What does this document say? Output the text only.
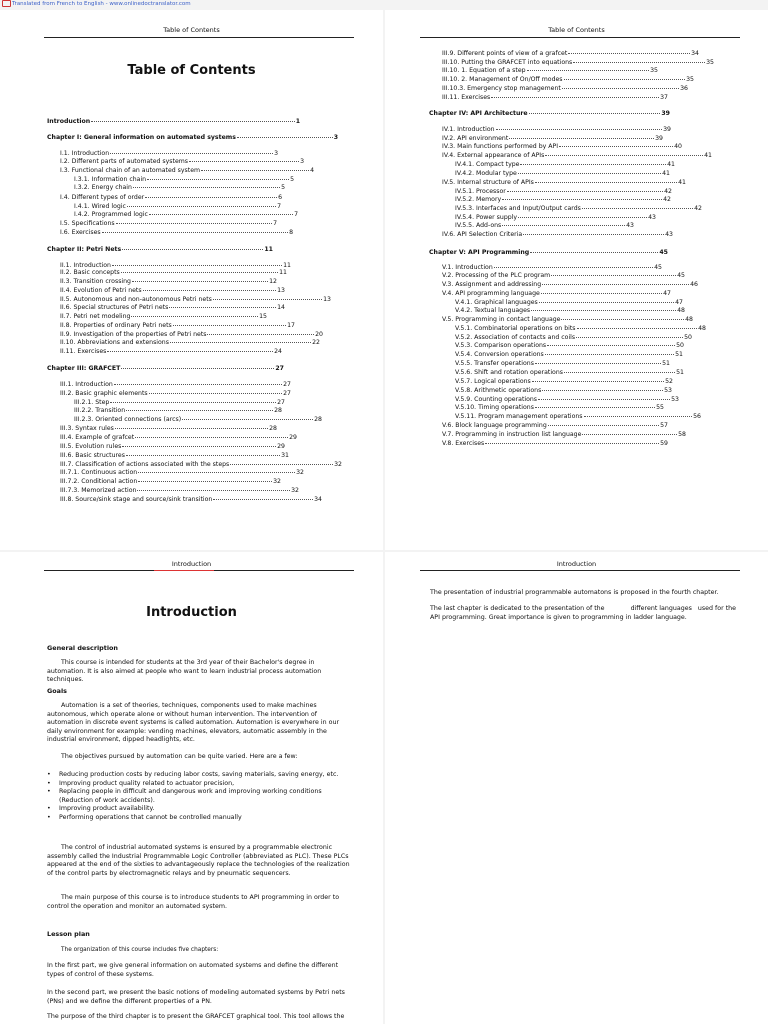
Translated from French to English - www.onlinedoctranslator.com
Table of Contents
Table of Contents
Introduction	1
Chapter I: General information on automated systems	3
I.1. Introduction	3
I.2. Different parts of automated systems	3
I.3. Functional chain of an automated system	4
I.3.1. Information chain	5
I.3.2. Energy chain	5
I.4. Different types of order	6
I.4.1. Wired logic	7
I.4.2. Programmed logic	7
I.5. Specifications	7
I.6. Exercises	8
Chapter II: Petri Nets	11
II.1. Introduction	11
II.2. Basic concepts	11
II.3. Transition crossing	12
II.4. Evolution of Petri nets	13
II.5. Autonomous and non-autonomous Petri nets	13
II.6. Special structures of Petri nets	14
II.7. Petri net modeling	15
II.8. Properties of ordinary Petri nets	17
II.9. Investigation of the properties of Petri nets	20
II.10. Abbreviations and extensions	22
II.11. Exercises	24
Chapter III: GRAFCET	27
III.1. Introduction	27
III.2. Basic graphic elements	27
III.2.1. Step	27
III.2.2. Transition	28
III.2.3. Oriented connections (arcs)	28
III.3. Syntax rules	28
III.4. Example of grafcet	29
III.5. Evolution rules	29
III.6. Basic structures	31
III.7. Classification of actions associated with the steps	32
III.7.1. Continuous action	32
III.7.2. Conditional action	32
III.7.3. Memorized action	32
III.8. Source/sink stage and source/sink transition	34
Table of Contents
III.9. Different points of view of a grafcet	34
III.10. Putting the GRAFCET into equations	35
III.10. 1. Equation of a step	35
III.10. 2. Management of On/Off modes	35
III.10.3. Emergency stop management	36
III.11. Exercises	37
Chapter IV: API Architecture	39
IV.1. Introduction	39
IV.2. API environment	39
IV.3. Main functions performed by API	40
IV.4. External appearance of APIs	41
IV.4.1. Compact type	41
IV.4.2. Modular type	41
IV.5. Internal structure of APIs	41
IV.5.1. Processor	42
IV.5.2. Memory	42
IV.5.3. Interfaces and Input/Output cards	42
IV.5.4. Power supply	43
IV.5.5. Add-ons	43
IV.6. API Selection Criteria	43
Chapter V: API Programming	45
V.1. Introduction	45
V.2. Processing of the PLC program	45
V.3. Assignment and addressing	46
V.4. API programming language	47
V.4.1. Graphical languages	47
V.4.2. Textual languages	48
V.5. Programming in contact language	48
V.5.1. Combinatorial operations on bits	48
V.5.2. Association of contacts and coils	50
V.5.3. Comparison operations	50
V.5.4. Conversion operations	51
V.5.5. Transfer operations	51
V.5.6. Shift and rotation operations	51
V.5.7. Logical operations	52
V.5.8. Arithmetic operations	53
V.5.9. Counting operations	53
V.5.10. Timing operations	55
V.5.11. Program management operations	56
V.6. Block language programming	57
V.7. Programming in instruction list language	58
V.8. Exercises	59
Introduction
Introduction
General description
This course is intended for students at the 3rd year of their Bachelor's degree in automation. It is also aimed at people who want to learn industrial process automation techniques.
Goals
Automation is a set of theories, techniques, components used to make machines autonomous, which operate alone or without human intervention. The intervention of automation in discrete event systems is called automation. Automation is everywhere in our daily environment for example: vending machines, elevators, automatic assembly in the industrial environment, dipped headlights, etc.
The objectives pursued by automation can be quite varied. Here are a few:
• Reducing production costs by reducing labor costs, saving materials, saving energy, etc.
• Improving product quality related to actuator precision,
• Replacing people in difficult and dangerous work and improving working conditions (Reduction of work accidents).
• Improving product availability.
• Performing operations that cannot be controlled manually
The control of industrial automated systems is ensured by a programmable electronic assembly called the Industrial Programmable Logic Controller (abbreviated as PLC). These PLCs appeared at the end of the sixties to advantageously replace the technologies of the realization of the control parts by electromagnetic relays and by pneumatic sequencers.
The main purpose of this course is to introduce students to API programming in order to control the operation and monitor an automated system.
Lesson plan
The organization of this course includes five chapters:
In the first part, we give general information on automated systems and define the different types of control of these systems.
In the second part, we present the basic notions of modeling automated systems by Petri nets (PNs) and we define the different properties of a PN.
The purpose of the third chapter is to present the GRAFCET graphical tool. This tool allows the
Introduction
The presentation of industrial programmable automatons is proposed in the fourth chapter.
The last chapter is dedicated to the presentation of the	different languages used for the API programming. Great importance is given to programming in ladder language.
